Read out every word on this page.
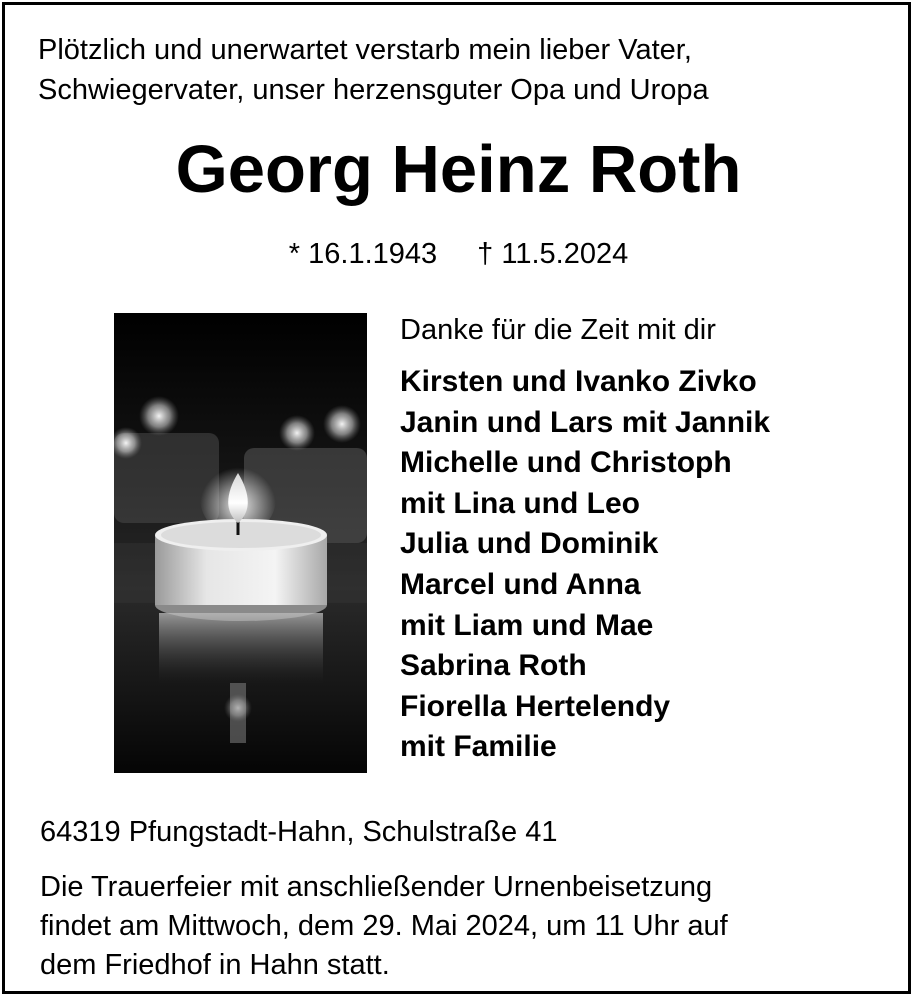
Plötzlich und unerwartet verstarb mein lieber Vater,
Schwiegervater, unser herzensguter Opa und Uropa
Georg Heinz Roth
* 16.1.1943 † 11.5.2024
Danke für die Zeit mit dir
Kirsten und Ivanko Zivko
Janin und Lars mit Jannik
Michelle und Christoph
mit Lina und Leo
Julia und Dominik
Marcel und Anna
mit Liam und Mae
Sabrina Roth
Fiorella Hertelendy
mit Familie
64319 Pfungstadt-Hahn, Schulstraße 41
Die Trauerfeier mit anschließender Urnenbeisetzung
findet am Mittwoch, dem 29. Mai 2024, um 11 Uhr auf
dem Friedhof in Hahn statt.
